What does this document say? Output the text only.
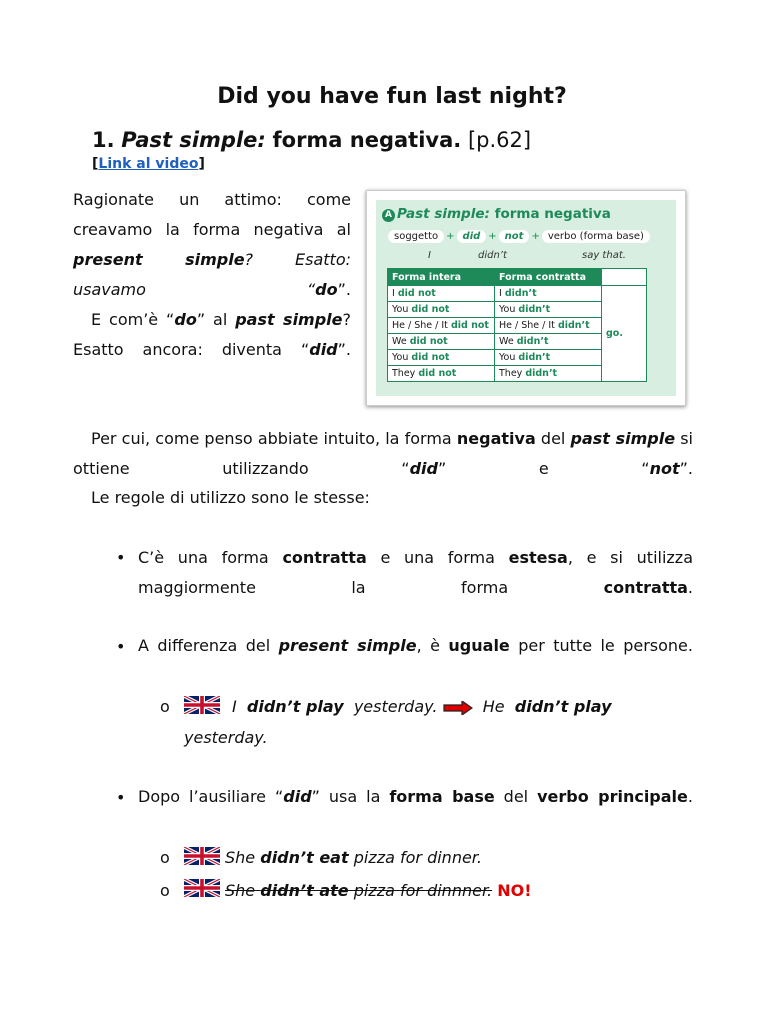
Did you have fun last night?
1. Past simple: forma negativa. [p.62]
[Link al video]
Ragionate un attimo: come creavamo la forma negativa al present simple? Esatto: usavamo “do”.
E com’è “do” al past simple? Esatto ancora: diventa “did”.
A Past simple: forma negativa
soggetto + did + not + verbo (forma base)
I	didn’t	say that.
Forma intera	Forma contratta	
I did not	I didn’t	go.
You did not	You didn’t	
He / She / It did not	He / She / It didn’t	
We did not	We didn’t	
You did not	You didn’t	
They did not	They didn’t	
Per cui, come penso abbiate intuito, la forma negativa del past simple si ottiene utilizzando “did” e “not”.
Le regole di utilizzo sono le stesse:
• C’è una forma contratta e una forma estesa, e si utilizza maggiormente la forma	contratta.
• A differenza del present simple, è uguale per tutte le persone.
o	I didn’t play yesterday.	He didn’t play
yesterday.
• Dopo l’ausiliare “did” usa la forma base del verbo principale.
o	She didn’t eat pizza for dinner.
o	She didn’t ate pizza for dinnner. NO!
